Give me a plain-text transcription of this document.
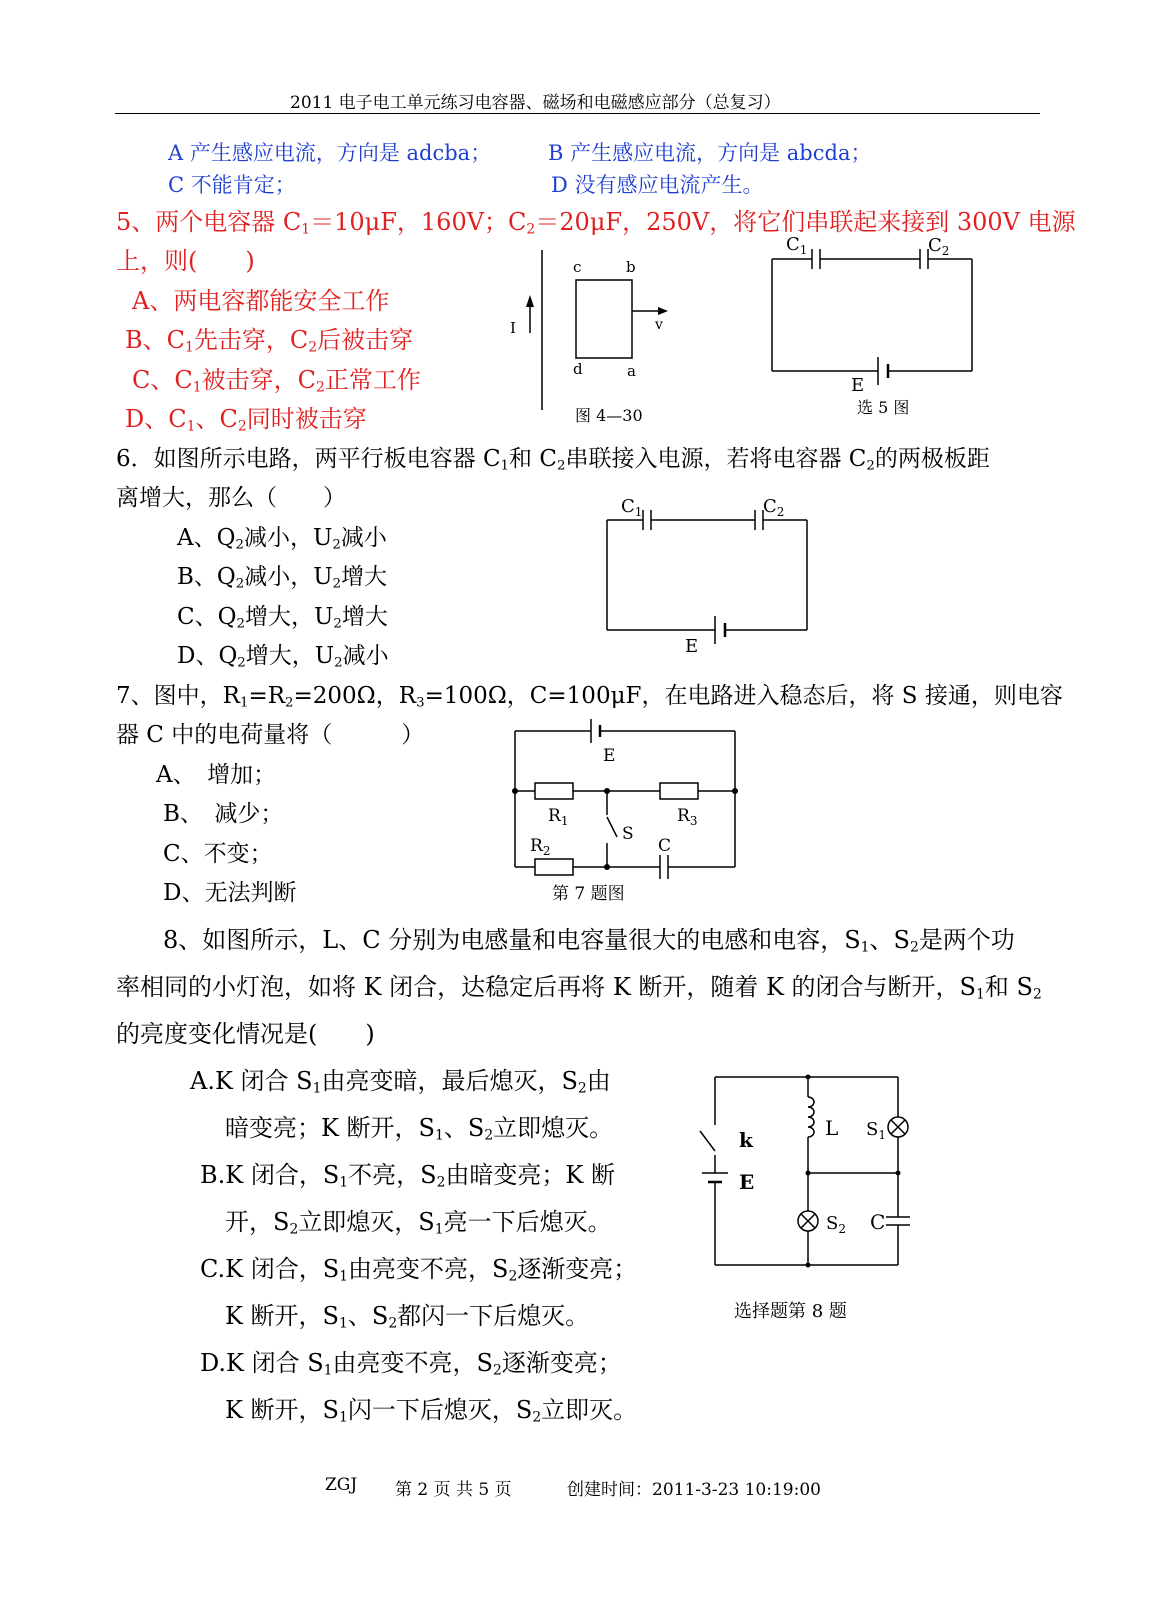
2011 电子电工单元练习电容器、磁场和电磁感应部分（总复习）
A 产生感应电流，方向是 adcba；	B 产生感应电流，方向是 abcda；
C 不能肯定；	D 没有感应电流产生。
5、两个电容器 $C_1=10\mu F$，160V；$C_2=20\mu F$，250V，将它们串联起来接到 300V 电源
上，则(　　)
A、两电容都能安全工作
B、$C_1$先击穿，$C_2$后被击穿
C、$C_1$被击穿，$C_2$正常工作
D、$C_1$、$C_2$同时被击穿
I	v
c	b
d	a
图 4—30
$C_1$	$C_2$
E
选 5 图
6．如图所示电路，两平行板电容器 $C_1$和 $C_2$串联接入电源，若将电容器 $C_2$的两极板距
离增大，那么（　　）
A、$Q_2$减小，$U_2$减小
B、$Q_2$减小，$U_2$增大
C、$Q_2$增大，$U_2$增大
D、$Q_2$增大，$U_2$减小
$C_1$	$C_2$
E
7、图中，$R_1=R_2=200\Omega$，$R_3=100\Omega$，C=100μF，在电路进入稳态后，将 S 接通，则电容
器 C 中的电荷量将（　　　）
A、　增加；
B、　减少；
C、不变；
D、无法判断
E
$R_1$	$R_3$
$R_2$
S
C
第 7 题图
8、如图所示，L、C 分别为电感量和电容量很大的电感和电容，$S_1$、$S_2$是两个功
率相同的小灯泡，如将 K 闭合，达稳定后再将 K 断开，随着 K 的闭合与断开，$S_1$和 $S_2$
的亮度变化情况是(　　)
A.K 闭合 $S_1$由亮变暗，最后熄灭，$S_2$由
暗变亮；K 断开，$S_1$、$S_2$立即熄灭。
B.K 闭合，$S_1$不亮，$S_2$由暗变亮；K 断
开，$S_2$立即熄灭，$S_1$亮一下后熄灭。
C.K 闭合，$S_1$由亮变不亮，$S_2$逐渐变亮；
K 断开，$S_1$、$S_2$都闪一下后熄灭。
D.K 闭合 $S_1$由亮变不亮，$S_2$逐渐变亮；
K 断开，$S_1$闪一下后熄灭，$S_2$立即灭。
k
E
L $S_1$
$S_2$ C
选择题第 8 题
ZGJ 第 2 页 共 5 页	创建时间：2011-3-23 10:19:00
